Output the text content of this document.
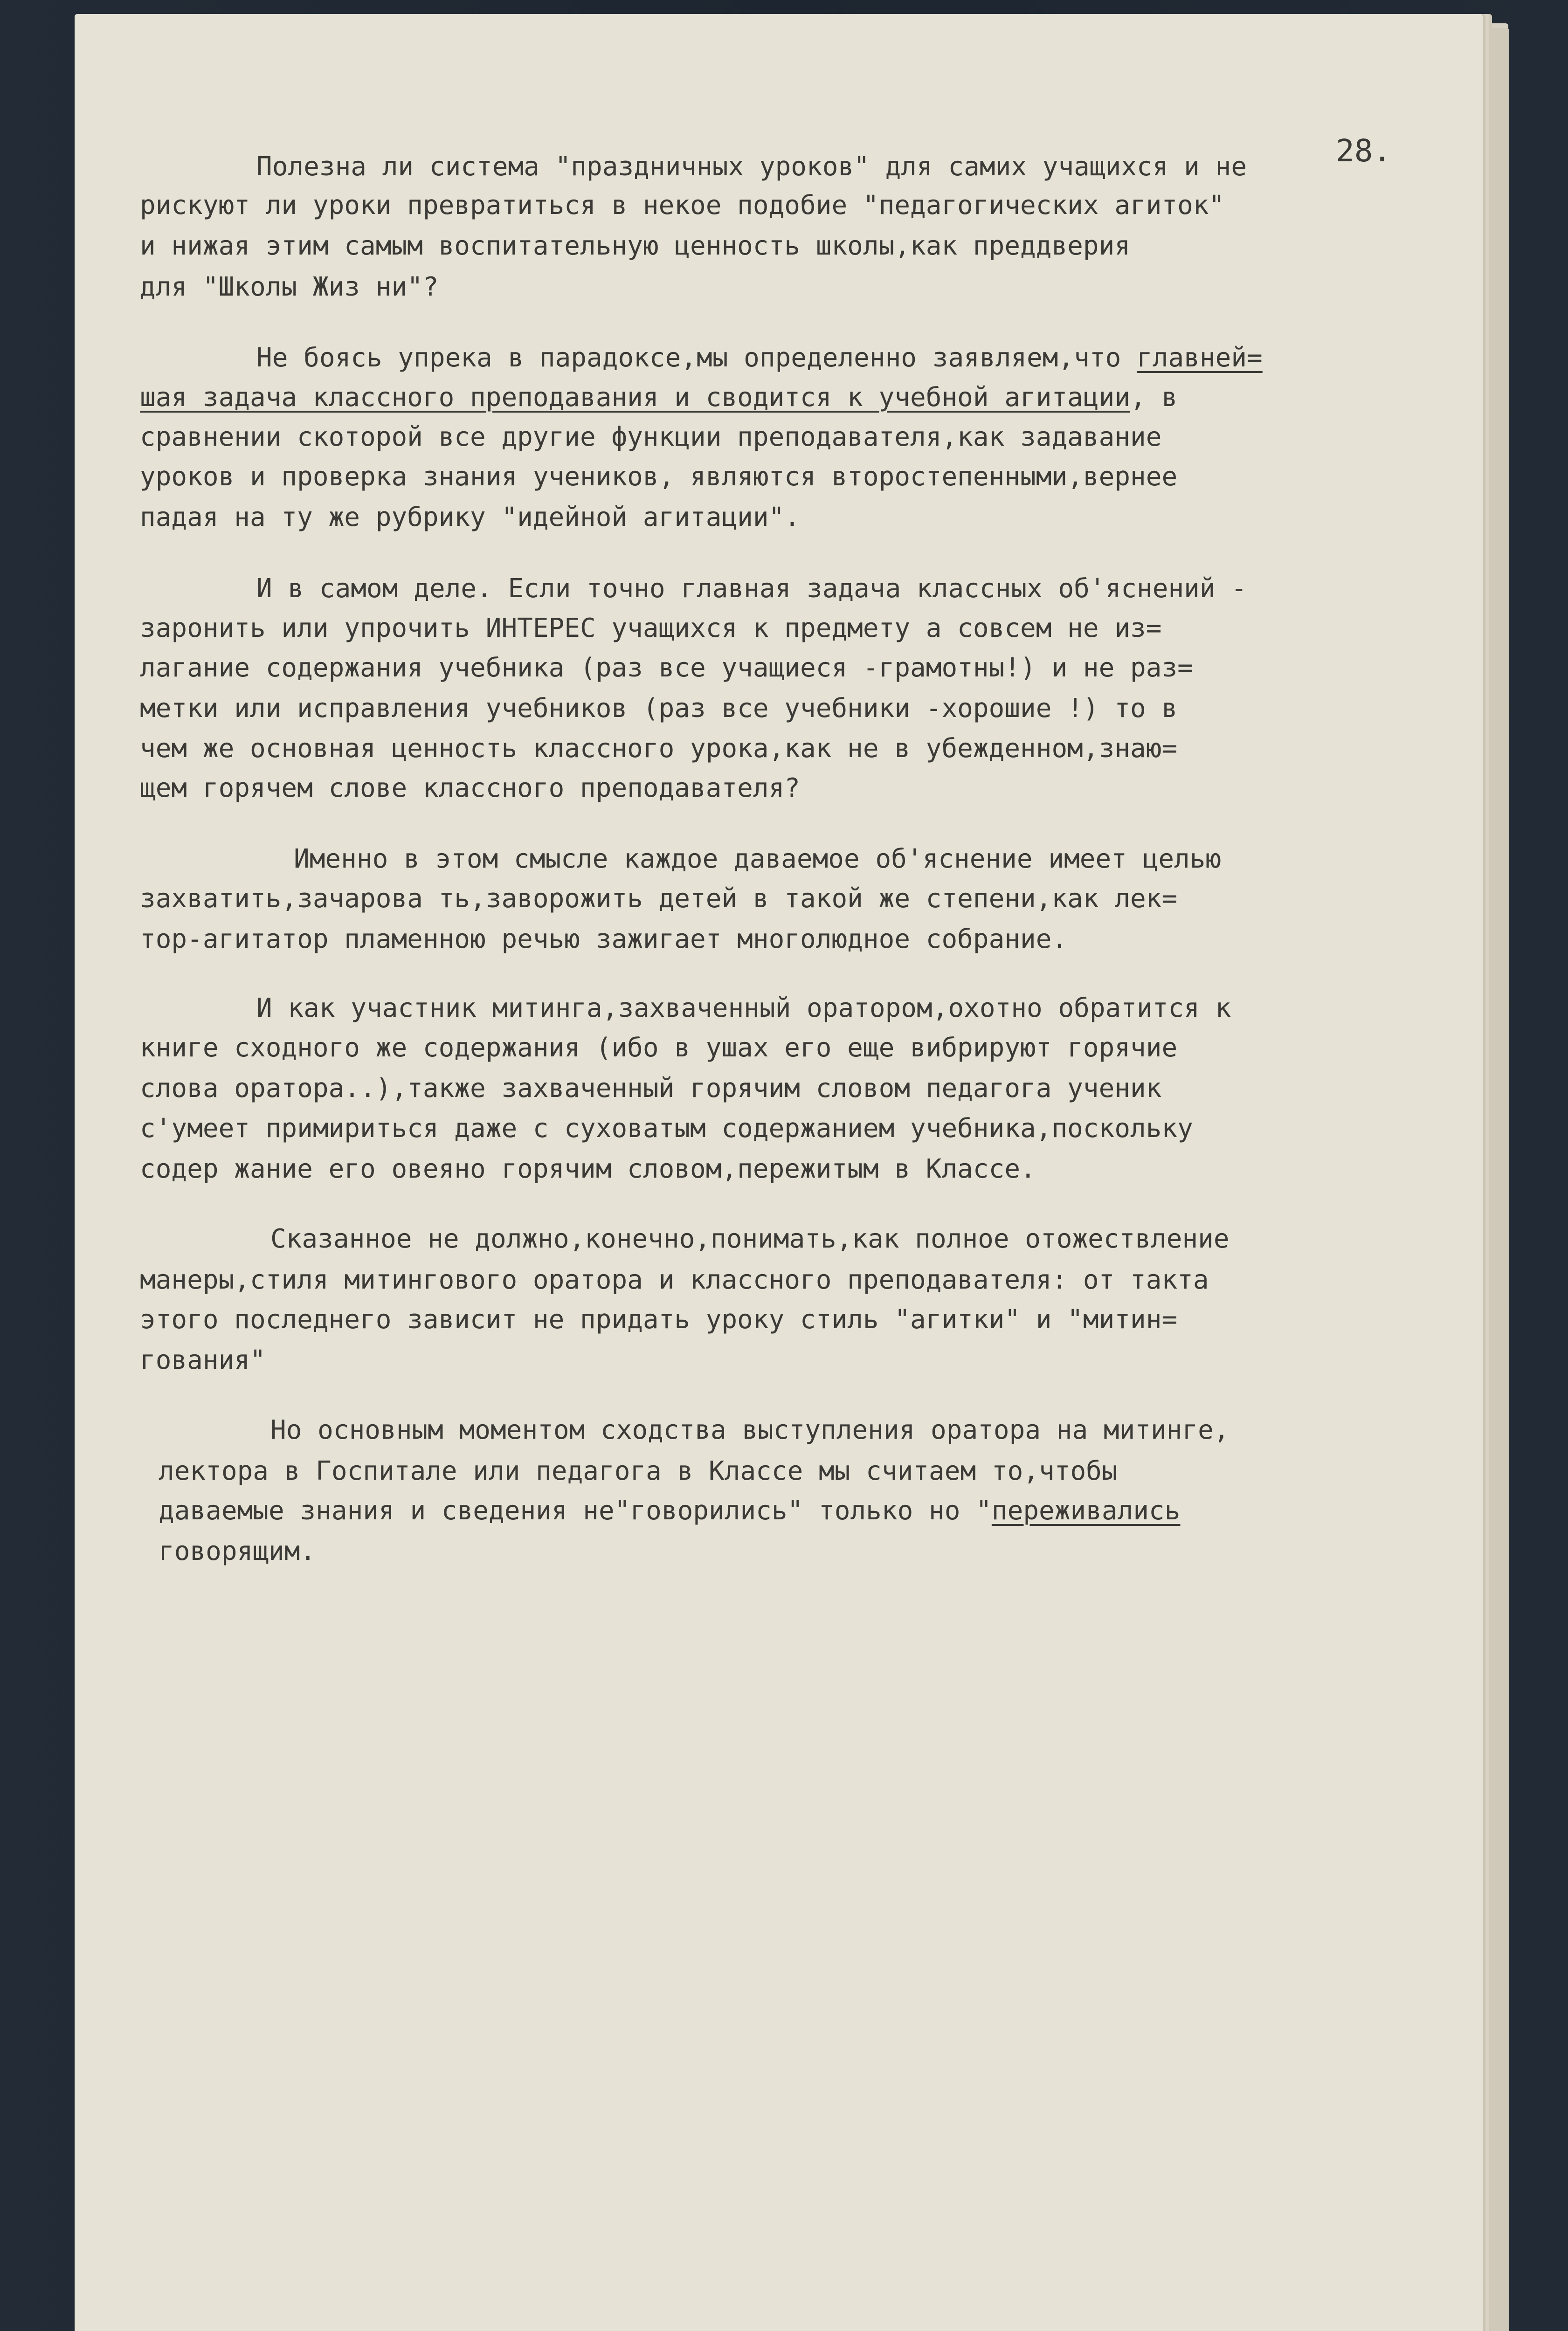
28.
Полезна ли система "праздничных уроков" для самих учащихся и не
рискуют ли уроки превратиться в некое подобие "педагогических агиток"
и нижая этим самым воспитательную ценность школы,как преддверия
для "Школы Жиз ни"?
Не боясь упрека в парадоксе,мы определенно заявляем,что главней=
шая задача классного преподавания и сводится к учебной агитации, в
сравнении скоторой все другие функции преподавателя,как задавание
уроков и проверка знания учеников, являются второстепенными,вернее
падая на ту же рубрику "идейной агитации".
И в самом деле. Если точно главная задача классных об'яснений -
заронить или упрочить ИНТЕРЕС учащихся к предмету а совсем не из=
лагание содержания учебника (раз все учащиеся -грамотны!) и не раз=
метки или исправления учебников (раз все учебники -хорошие !) то в
чем же основная ценность классного урока,как не в убежденном,знаю=
щем горячем слове классного преподавателя?
Именно в этом смысле каждое даваемое об'яснение имеет целью
захватить,зачарова ть,заворожить детей в такой же степени,как лек=
тор-агитатор пламенною речью зажигает многолюдное собрание.
И как участник митинга,захваченный оратором,охотно обратится к
книге сходного же содержания (ибо в ушах его еще вибрируют горячие
слова оратора..),также захваченный горячим словом педагога ученик
с'умеет примириться даже с суховатым содержанием учебника,поскольку
содер жание его овеяно горячим словом,пережитым в Классе.
Сказанное не должно,конечно,понимать,как полное отожествление
манеры,стиля митингового оратора и классного преподавателя: от такта
этого последнего зависит не придать уроку стиль "агитки" и "митин=
гования"
Но основным моментом сходства выступления оратора на митинге,
лектора в Госпитале или педагога в Классе мы считаем то,чтобы
даваемые знания и сведения не"говорились" только но "переживались
говорящим.
